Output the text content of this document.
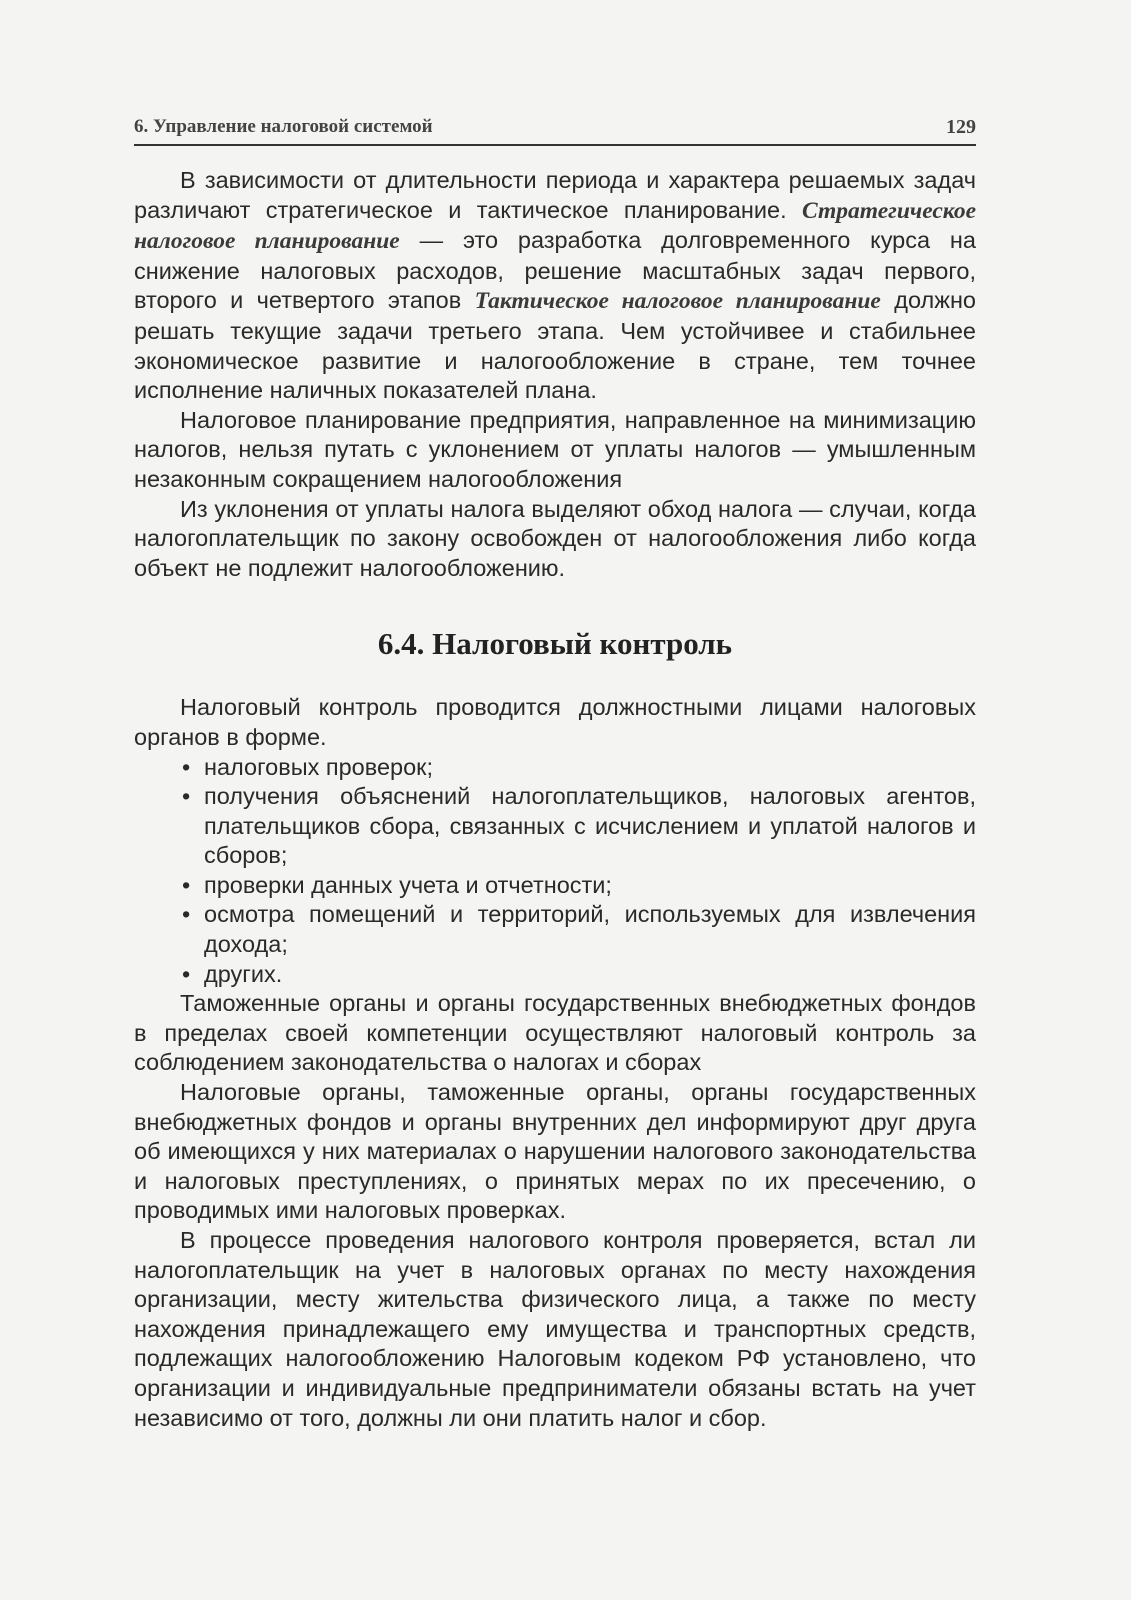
6. Управление налоговой системой	129

В зависимости от длительности периода и характера решаемых задач различают стратегическое и тактическое планирование. Стратегическое налоговое планирование — это разработка долговременного курса на снижение налоговых расходов, решение масштабных задач первого, второго и четвертого этапов Тактическое налоговое планирование должно решать текущие задачи третьего этапа. Чем устойчивее и стабильнее экономическое развитие и налогообложение в стране, тем точнее исполнение наличных показателей плана.

Налоговое планирование предприятия, направленное на минимизацию налогов, нельзя путать с уклонением от уплаты налогов — умышленным незаконным сокращением налогообложения

Из уклонения от уплаты налога выделяют обход налога — случаи, когда налогоплательщик по закону освобожден от налогообложения либо когда объект не подлежит налогообложению.

6.4. Налоговый контроль

Налоговый контроль проводится должностными лицами налоговых органов в форме.

• налоговых проверок;
• получения объяснений налогоплательщиков, налоговых агентов, плательщиков сбора, связанных с исчислением и уплатой налогов и сборов;
• проверки данных учета и отчетности;
• осмотра помещений и территорий, используемых для извлечения дохода;
• других.

Таможенные органы и органы государственных внебюджетных фондов в пределах своей компетенции осуществляют налоговый контроль за соблюдением законодательства о налогах и сборах

Налоговые органы, таможенные органы, органы государственных внебюджетных фондов и органы внутренних дел информируют друг друга об имеющихся у них материалах о нарушении налогового законодательства и налоговых преступлениях, о принятых мерах по их пресечению, о проводимых ими налоговых проверках.

В процессе проведения налогового контроля проверяется, встал ли налогоплательщик на учет в налоговых органах по месту нахождения организации, месту жительства физического лица, а также по месту нахождения принадлежащего ему имущества и транспортных средств, подлежащих налогообложению Налоговым кодеком РФ установлено, что организации и индивидуальные предприниматели обязаны встать на учет независимо от того, должны ли они платить налог и сбор.
